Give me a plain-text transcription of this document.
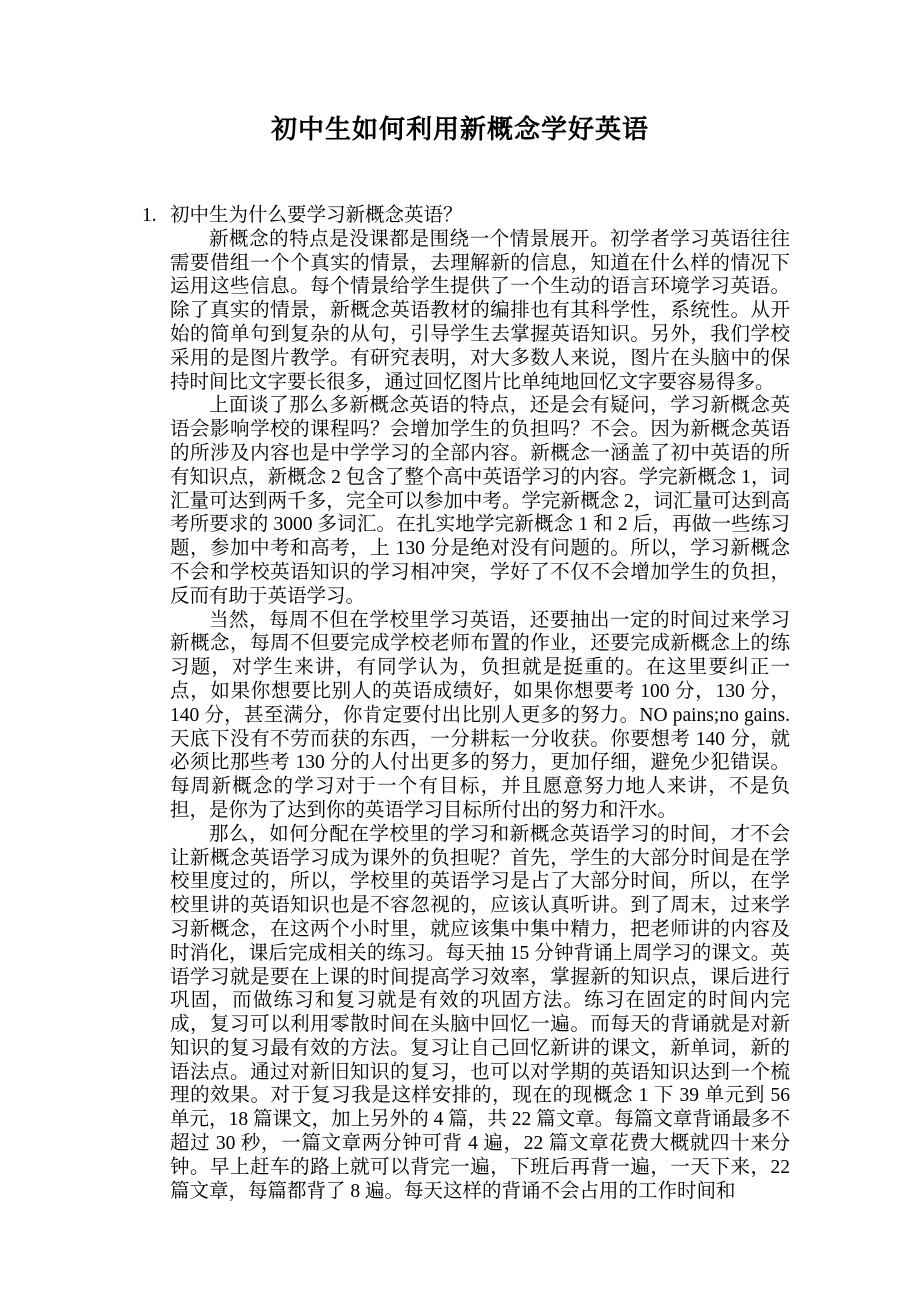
初中生如何利用新概念学好英语
1. 初中生为什么要学习新概念英语？

新概念的特点是没课都是围绕一个情景展开。初学者学习英语往往需要借组一个个真实的情景，去理解新的信息，知道在什么样的情况下运用这些信息。每个情景给学生提供了一个生动的语言环境学习英语。除了真实的情景，新概念英语教材的编排也有其科学性，系统性。从开始的简单句到复杂的从句，引导学生去掌握英语知识。另外，我们学校采用的是图片教学。有研究表明，对大多数人来说，图片在头脑中的保持时间比文字要长很多，通过回忆图片比单纯地回忆文字要容易得多。

上面谈了那么多新概念英语的特点，还是会有疑问，学习新概念英语会影响学校的课程吗？会增加学生的负担吗？不会。因为新概念英语的所涉及内容也是中学学习的全部内容。新概念一涵盖了初中英语的所有知识点，新概念 2 包含了整个高中英语学习的内容。学完新概念 1，词汇量可达到两千多，完全可以参加中考。学完新概念 2，词汇量可达到高考所要求的 3000 多词汇。在扎实地学完新概念 1 和 2 后，再做一些练习题，参加中考和高考，上 130 分是绝对没有问题的。所以，学习新概念不会和学校英语知识的学习相冲突，学好了不仅不会增加学生的负担，反而有助于英语学习。

当然，每周不但在学校里学习英语，还要抽出一定的时间过来学习新概念，每周不但要完成学校老师布置的作业，还要完成新概念上的练习题，对学生来讲，有同学认为，负担就是挺重的。在这里要纠正一点，如果你想要比别人的英语成绩好，如果你想要考 100 分，130 分，140 分，甚至满分，你肯定要付出比别人更多的努力。NO pains;no gains.天底下没有不劳而获的东西，一分耕耘一分收获。你要想考 140 分，就必须比那些考 130 分的人付出更多的努力，更加仔细，避免少犯错误。每周新概念的学习对于一个有目标，并且愿意努力地人来讲，不是负担，是你为了达到你的英语学习目标所付出的努力和汗水。

那么，如何分配在学校里的学习和新概念英语学习的时间，才不会让新概念英语学习成为课外的负担呢？首先，学生的大部分时间是在学校里度过的，所以，学校里的英语学习是占了大部分时间，所以，在学校里讲的英语知识也是不容忽视的，应该认真听讲。到了周末，过来学习新概念，在这两个小时里，就应该集中集中精力，把老师讲的内容及时消化，课后完成相关的练习。每天抽 15 分钟背诵上周学习的课文。英语学习就是要在上课的时间提高学习效率，掌握新的知识点，课后进行巩固，而做练习和复习就是有效的巩固方法。练习在固定的时间内完成，复习可以利用零散时间在头脑中回忆一遍。而每天的背诵就是对新知识的复习最有效的方法。复习让自己回忆新讲的课文，新单词，新的语法点。通过对新旧知识的复习，也可以对学期的英语知识达到一个梳理的效果。对于复习我是这样安排的，现在的现概念 1 下 39 单元到 56 单元，18 篇课文，加上另外的 4 篇，共 22 篇文章。每篇文章背诵最多不超过 30 秒，一篇文章两分钟可背 4 遍，22 篇文章花费大概就四十来分钟。早上赶车的路上就可以背完一遍，下班后再背一遍，一天下来，22 篇文章，每篇都背了 8 遍。每天这样的背诵不会占用的工作时间和
